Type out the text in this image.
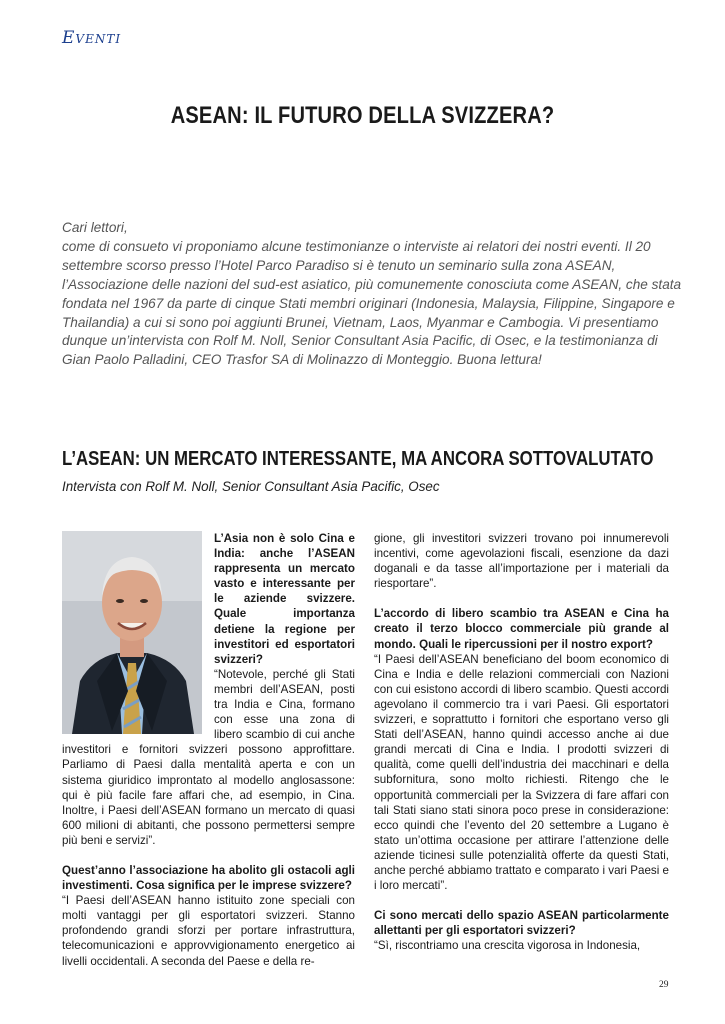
Eventi
ASEAN: IL FUTURO DELLA SVIZZERA?

Cari lettori,

come di consueto vi proponiamo alcune testimonianze o interviste ai relatori dei nostri eventi. Il 20 settembre scorso presso l’Hotel Parco Paradiso si è tenuto un seminario sulla zona ASEAN, l’Associazione delle nazioni del sud-est asiatico, più comunemente conosciuta come ASEAN, che stata fondata nel 1967 da parte di cinque Stati membri originari (Indonesia, Malaysia, Filippine, Singapore e Thailandia) a cui si sono poi aggiunti Brunei, Vietnam, Laos, Myanmar e Cambogia. Vi presentiamo dunque un’intervista con Rolf M. Noll, Senior Consultant Asia Pacific, di Osec, e la testimonianza di Gian Paolo Palladini, CEO Trasfor SA di Molinazzo di Monteggio. Buona lettura!

L’ASEAN: UN MERCATO INTERESSANTE, MA ANCORA SOTTOVALUTATO
Intervista con Rolf M. Noll, Senior Consultant Asia Pacific, Osec

L’Asia non è solo Cina e India: anche l’ASEAN rappresenta un mercato vasto e interessante per le aziende svizzere. Quale importanza detiene la regione per investitori ed esportatori svizzeri?

“Notevole, perché gli Stati membri dell’ASEAN, posti tra India e Cina, formano con esse una zona di libero scambio di cui anche investitori e fornitori svizzeri possono approfittare. Parliamo di Paesi dalla mentalità aperta e con un sistema giuridico improntato al modello anglosassone: qui è più facile fare affari che, ad esempio, in Cina. Inoltre, i Paesi dell’ASEAN formano un mercato di quasi 600 milioni di abitanti, che possono permettersi sempre più beni e servizi”.

Quest’anno l’associazione ha abolito gli ostacoli agli investimenti. Cosa significa per le imprese svizzere?

“I Paesi dell’ASEAN hanno istituito zone speciali con molti vantaggi per gli esportatori svizzeri. Stanno profondendo grandi sforzi per portare infrastruttura, telecomunicazioni e approvvigionamento energetico ai livelli occidentali. A seconda del Paese e della re-

gione, gli investitori svizzeri trovano poi innumerevoli incentivi, come agevolazioni fiscali, esenzione da dazi doganali e da tasse all’importazione per i materiali da riesportare”.

L’accordo di libero scambio tra ASEAN e Cina ha creato il terzo blocco commerciale più grande al mondo. Quali le ripercussioni per il nostro export?

“I Paesi dell’ASEAN beneficiano del boom economico di Cina e India e delle relazioni commerciali con Nazioni con cui esistono accordi di libero scambio. Questi accordi agevolano il commercio tra i vari Paesi. Gli esportatori svizzeri, e soprattutto i fornitori che esportano verso gli Stati dell’ASEAN, hanno quindi accesso anche ai due grandi mercati di Cina e India. I prodotti svizzeri di qualità, come quelli dell’industria dei macchinari e della subfornitura, sono molto richiesti. Ritengo che le opportunità commerciali per la Svizzera di fare affari con tali Stati siano stati sinora poco prese in considerazione: ecco quindi che l’evento del 20 settembre a Lugano è stato un’ottima occasione per attirare l’attenzione delle aziende ticinesi sulle potenzialità offerte da questi Stati, anche perché abbiamo trattato e comparato i vari Paesi e i loro mercati”.

Ci sono mercati dello spazio ASEAN particolarmente allettanti per gli esportatori svizzeri?

“Sì, riscontriamo una crescita vigorosa in Indonesia,

29
